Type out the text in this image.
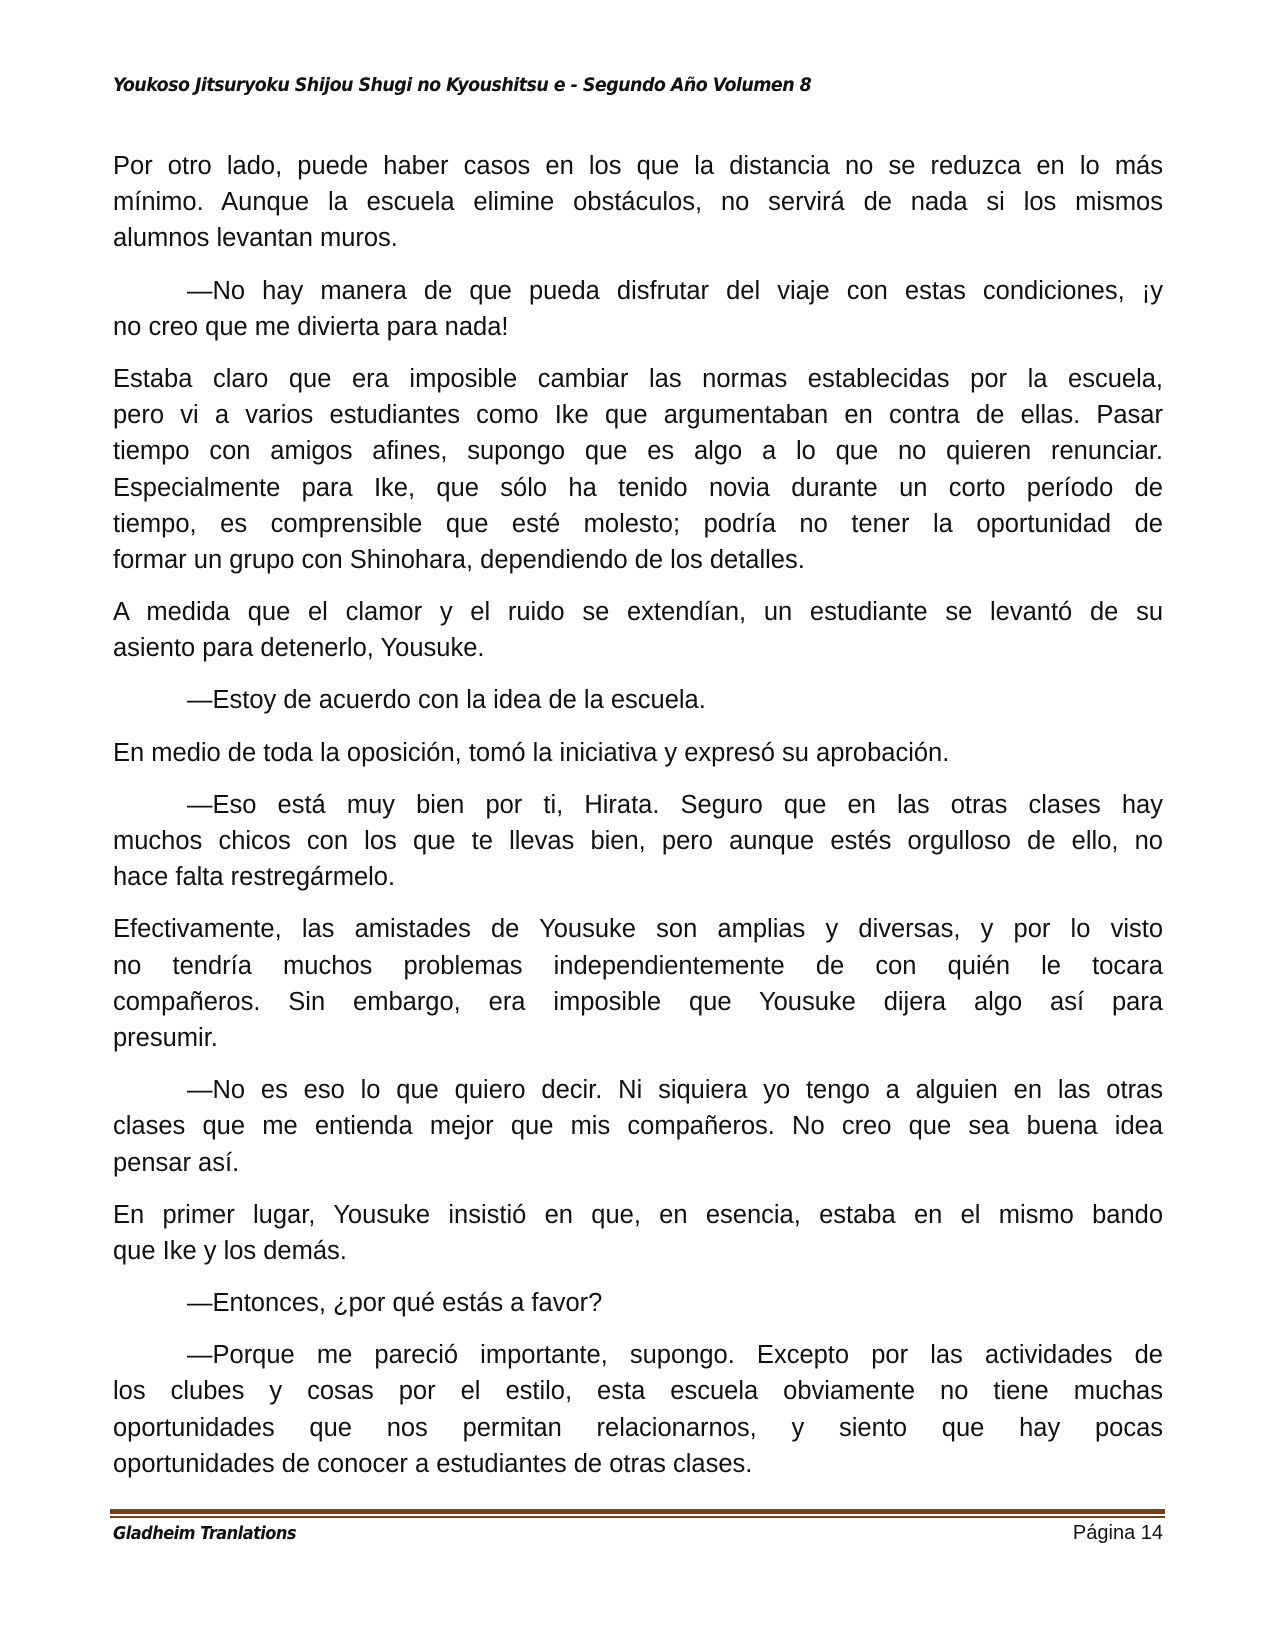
Youkoso Jitsuryoku Shijou Shugi no Kyoushitsu e - Segundo Año Volumen 8
Por otro lado, puede haber casos en los que la distancia no se reduzca en lo más
mínimo. Aunque la escuela elimine obstáculos, no servirá de nada si los mismos
alumnos levantan muros.
—No hay manera de que pueda disfrutar del viaje con estas condiciones, ¡y
no creo que me divierta para nada!
Estaba claro que era imposible cambiar las normas establecidas por la escuela,
pero vi a varios estudiantes como Ike que argumentaban en contra de ellas. Pasar
tiempo con amigos afines, supongo que es algo a lo que no quieren renunciar.
Especialmente para Ike, que sólo ha tenido novia durante un corto período de
tiempo, es comprensible que esté molesto; podría no tener la oportunidad de
formar un grupo con Shinohara, dependiendo de los detalles.
A medida que el clamor y el ruido se extendían, un estudiante se levantó de su
asiento para detenerlo, Yousuke.
—Estoy de acuerdo con la idea de la escuela.
En medio de toda la oposición, tomó la iniciativa y expresó su aprobación.
—Eso está muy bien por ti, Hirata. Seguro que en las otras clases hay
muchos chicos con los que te llevas bien, pero aunque estés orgulloso de ello, no
hace falta restregármelo.
Efectivamente, las amistades de Yousuke son amplias y diversas, y por lo visto
no tendría muchos problemas independientemente de con quién le tocara
compañeros. Sin embargo, era imposible que Yousuke dijera algo así para
presumir.
—No es eso lo que quiero decir. Ni siquiera yo tengo a alguien en las otras
clases que me entienda mejor que mis compañeros. No creo que sea buena idea
pensar así.
En primer lugar, Yousuke insistió en que, en esencia, estaba en el mismo bando
que Ike y los demás.
—Entonces, ¿por qué estás a favor?
—Porque me pareció importante, supongo. Excepto por las actividades de
los clubes y cosas por el estilo, esta escuela obviamente no tiene muchas
oportunidades que nos permitan relacionarnos, y siento que hay pocas
oportunidades de conocer a estudiantes de otras clases.
Gladheim Tranlations	Página 14
